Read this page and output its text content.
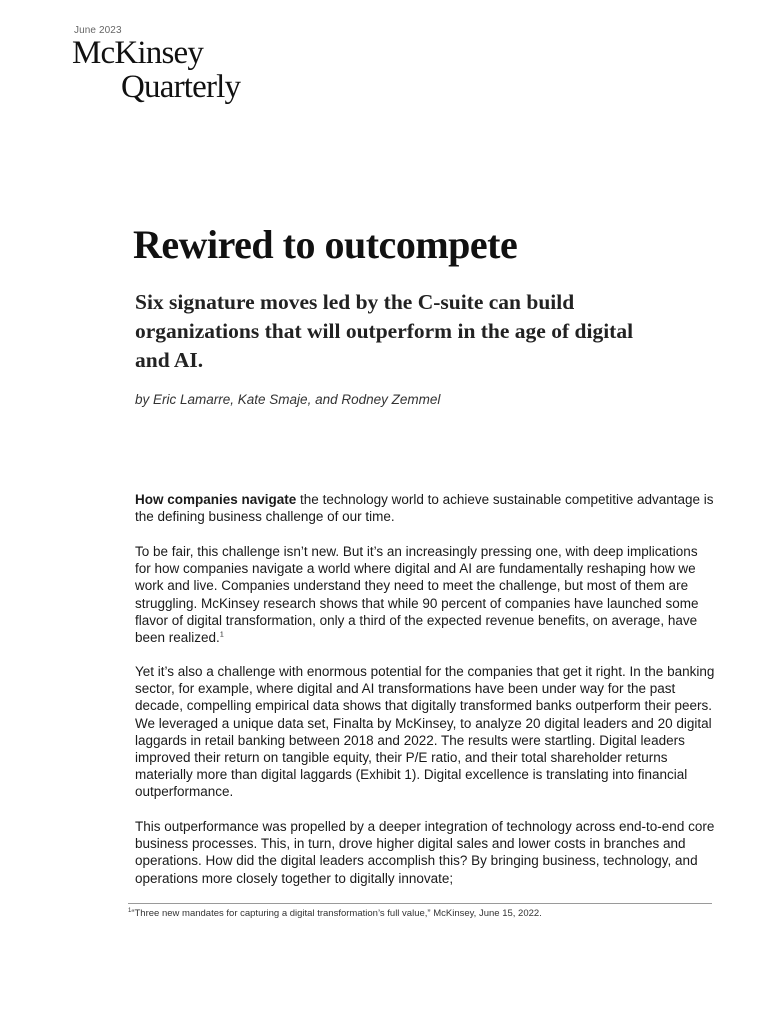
June 2023
McKinsey
Quarterly
Rewired to outcompete
Six signature moves led by the C-suite can build organizations that will outperform in the age of digital and AI.

by Eric Lamarre, Kate Smaje, and Rodney Zemmel

How companies navigate the technology world to achieve sustainable competitive advantage is the defining business challenge of our time.

To be fair, this challenge isn’t new. But it’s an increasingly pressing one, with deep implications for how companies navigate a world where digital and AI are fundamentally reshaping how we work and live. Companies understand they need to meet the challenge, but most of them are struggling. McKinsey research shows that while 90 percent of companies have launched some flavor of digital transformation, only a third of the expected revenue benefits, on average, have been realized.$^1$

Yet it’s also a challenge with enormous potential for the companies that get it right. In the banking sector, for example, where digital and AI transformations have been under way for the past decade, compelling empirical data shows that digitally transformed banks outperform their peers. We leveraged a unique data set, Finalta by McKinsey, to analyze 20 digital leaders and 20 digital laggards in retail banking between 2018 and 2022. The results were startling. Digital leaders improved their return on tangible equity, their P/E ratio, and their total shareholder returns materially more than digital laggards (Exhibit 1). Digital excellence is translating into financial outperformance.

This outperformance was propelled by a deeper integration of technology across end-to-end core business processes. This, in turn, drove higher digital sales and lower costs in branches and operations. How did the digital leaders accomplish this? By bringing business, technology, and operations more closely together to digitally innovate;

$^1$“Three new mandates for capturing a digital transformation’s full value,” McKinsey, June 15, 2022.
